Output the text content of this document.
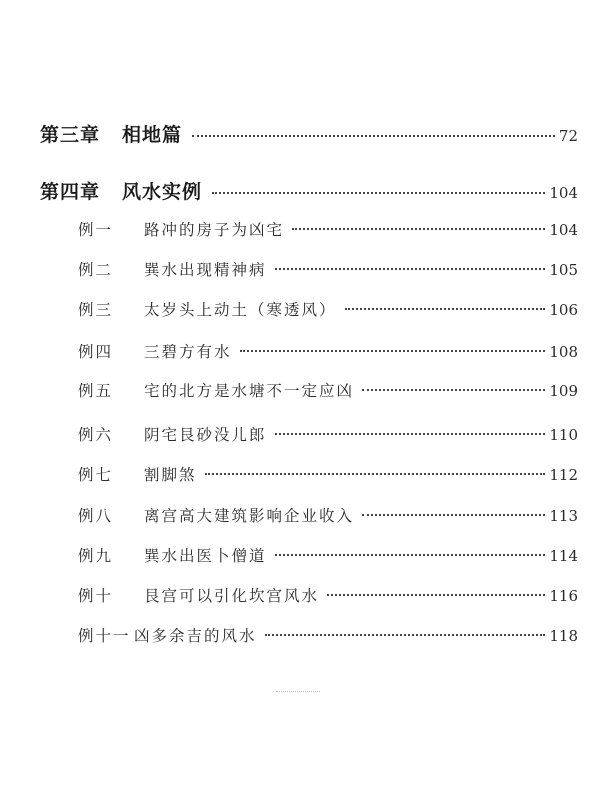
第三章	相地篇	72
第四章	风水实例	104
例一	路冲的房子为凶宅	104
例二	巽水出现精神病	105
例三	太岁头上动土（寒透风）	106
例四	三碧方有水	108
例五	宅的北方是水塘不一定应凶	109
例六	阴宅艮砂没儿郎	110
例七	割脚煞	112
例八	离宫高大建筑影响企业收入	113
例九	巽水出医卜僧道	114
例十	艮宫可以引化坎宫风水	116
例十一 凶多余吉的风水	118
